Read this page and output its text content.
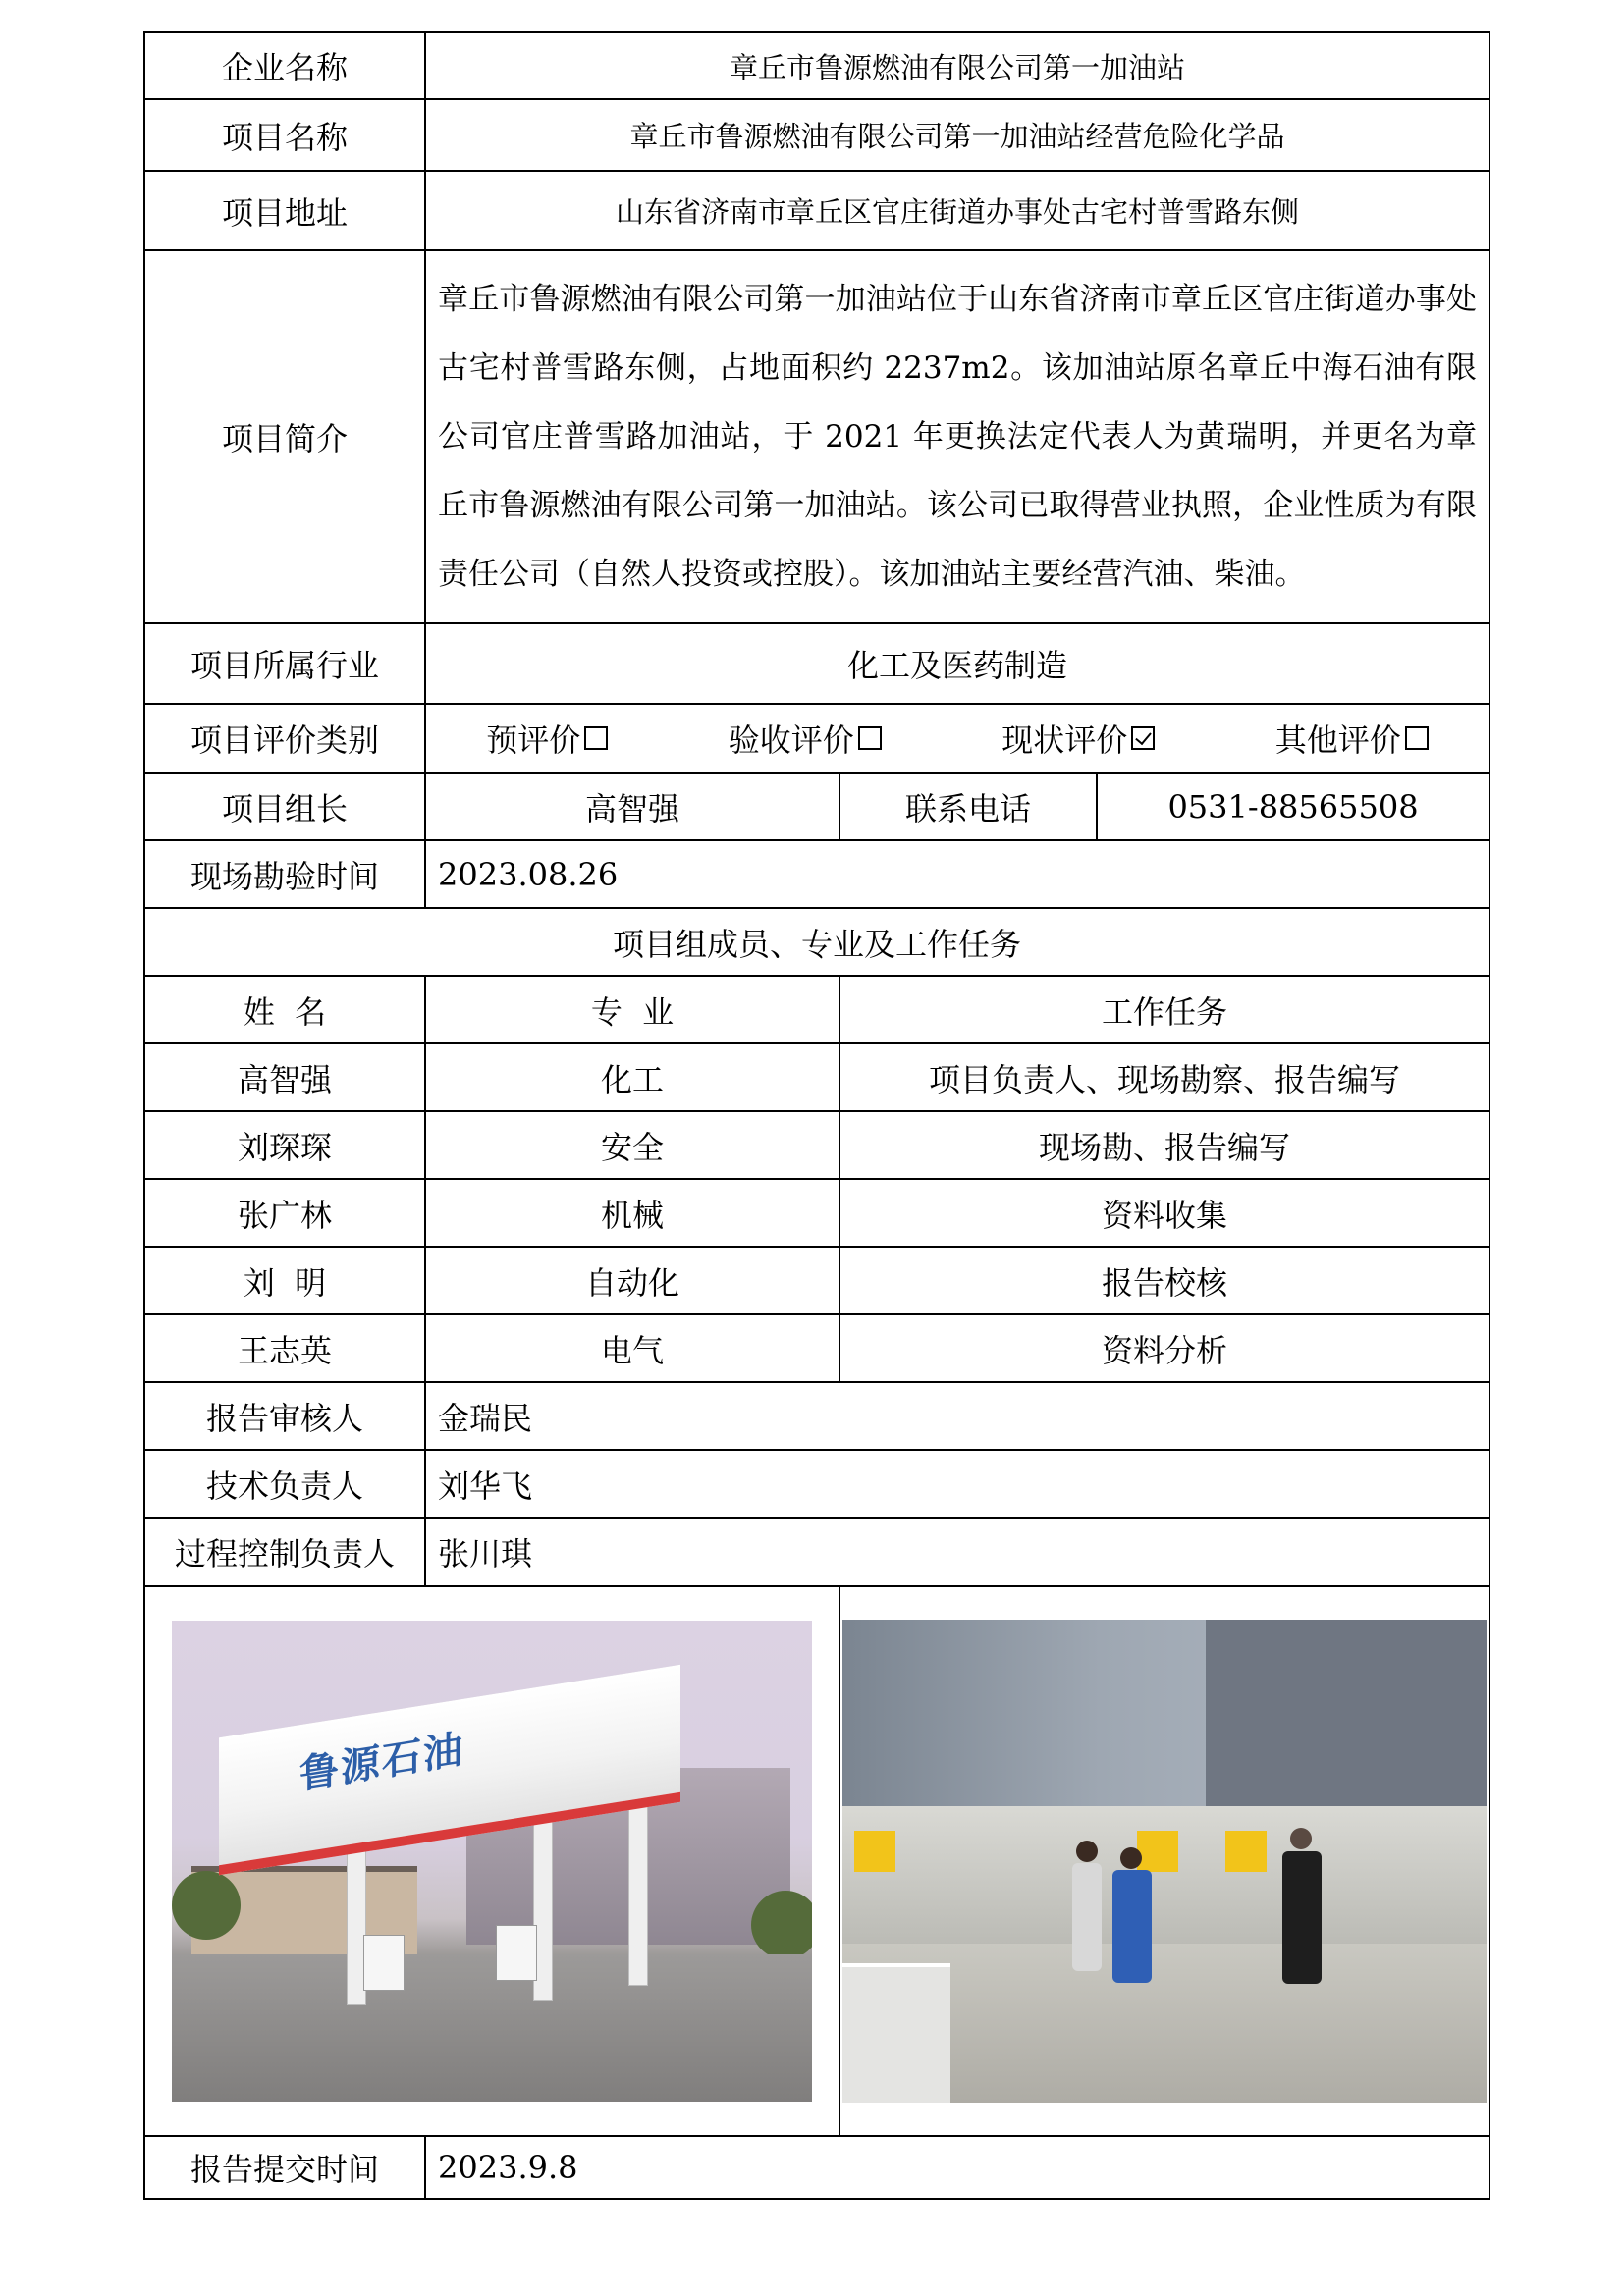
企业名称	章丘市鲁源燃油有限公司第一加油站		
项目名称	章丘市鲁源燃油有限公司第一加油站经营危险化学品		
项目地址	山东省济南市章丘区官庄街道办事处古宅村普雪路东侧		
项目简介	章丘市鲁源燃油有限公司第一加油站位于山东省济南市章丘区官庄街道办事处古宅村普雪路东侧，占地面积约 2237m2。该加油站原名章丘中海石油有限公司官庄普雪路加油站，于 2021 年更换法定代表人为黄瑞明，并更名为章丘市鲁源燃油有限公司第一加油站。该公司已取得营业执照，企业性质为有限责任公司（自然人投资或控股）。该加油站主要经营汽油、柴油。		
项目所属行业	化工及医药制造		
项目评价类别	预评价 验收评价 现状评价 其他评价		

项目组长	高智强	联系电话	0531-88565508
现场勘验时间	2023.08.26		
项目组成员、专业及工作任务			
姓  名	专  业	工作任务	
高智强	化工	项目负责人、现场勘察、报告编写	
刘琛琛	安全	现场勘、报告编写	
张广林	机械	资料收集	
刘  明	自动化	报告校核	
王志英	电气	资料分析	
报告审核人	金瑞民		
技术负责人	刘华飞		
过程控制负责人	张川琪		

鲁源石油			

报告提交时间	2023.9.8		
